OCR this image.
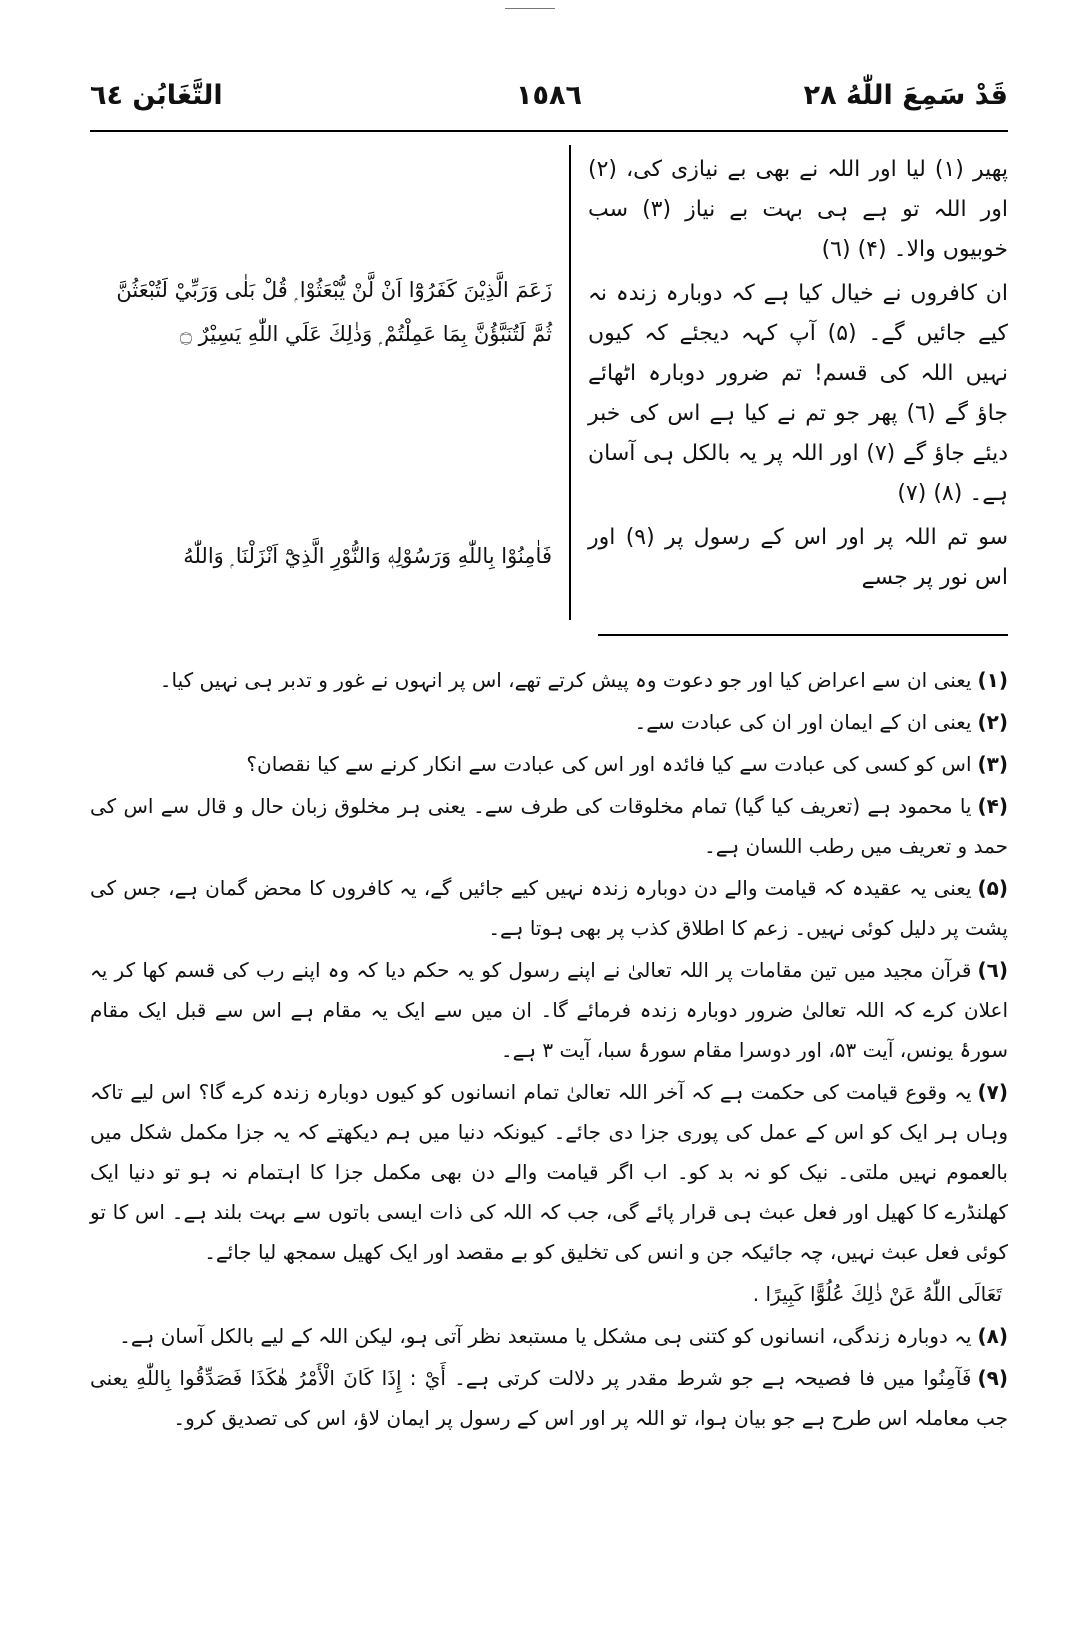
قَدْ سَمِعَ اللّٰهُ ٢٨
١٥٨٦
التَّغَابُن ٦٤

پھیر (١) لیا اور اللہ نے بھی بے نیازی کی، (٢) اور اللہ تو ہے ہی بہت بے نیاز (٣) سب خوبیوں والا۔ (۴) (٦)

ان کافروں نے خیال کیا ہے کہ دوبارہ زندہ نہ کیے جائیں گے۔ (۵) آپ کہہ دیجئے کہ کیوں نہیں اللہ کی قسم! تم ضرور دوبارہ اٹھائے جاؤ گے (٦) پھر جو تم نے کیا ہے اس کی خبر دیئے جاؤ گے (٧) اور اللہ پر یہ بالکل ہی آسان ہے۔ (٨) (٧)

سو تم اللہ پر اور اس کے رسول پر (٩) اور اس نور پر جسے

زَعَمَ الَّذِيْنَ كَفَرُوْٓا اَنْ لَّنْ يُّبْعَثُوْا ۭ قُلْ بَلٰى وَرَبِّيْ لَتُبْعَثُنَّ ثُمَّ لَتُنَبَّؤُنَّ بِمَا عَمِلْتُمْ ۭ وَذٰلِكَ عَلَي اللّٰهِ يَسِيْرٌ ۝

فَاٰمِنُوْا بِاللّٰهِ وَرَسُوْلِهٖ وَالنُّوْرِ الَّذِيْٓ اَنْزَلْنَا ۭ وَاللّٰهُ

(١)یعنی ان سے اعراض کیا اور جو دعوت وہ پیش کرتے تھے، اس پر انہوں نے غور و تدبر ہی نہیں کیا۔

(٢)یعنی ان کے ایمان اور ان کی عبادت سے۔

(٣)اس کو کسی کی عبادت سے کیا فائدہ اور اس کی عبادت سے انکار کرنے سے کیا نقصان؟

(۴)یا محمود ہے (تعریف کیا گیا) تمام مخلوقات کی طرف سے۔ یعنی ہر مخلوق زبان حال و قال سے اس کی حمد و تعریف میں رطب اللسان ہے۔

(۵)یعنی یہ عقیدہ کہ قیامت والے دن دوبارہ زندہ نہیں کیے جائیں گے، یہ کافروں کا محض گمان ہے، جس کی پشت پر دلیل کوئی نہیں۔ زعم کا اطلاق کذب پر بھی ہوتا ہے۔

(٦)قرآن مجید میں تین مقامات پر اللہ تعالیٰ نے اپنے رسول کو یہ حکم دیا کہ وہ اپنے رب کی قسم کھا کر یہ اعلان کرے کہ اللہ تعالیٰ ضرور دوبارہ زندہ فرمائے گا۔ ان میں سے ایک یہ مقام ہے اس سے قبل ایک مقام سورۂ یونس، آیت ۵۳، اور دوسرا مقام سورۂ سبا، آیت ٣ ہے۔

(٧)یہ وقوع قیامت کی حکمت ہے کہ آخر اللہ تعالیٰ تمام انسانوں کو کیوں دوبارہ زندہ کرے گا؟ اس لیے تاکہ وہاں ہر ایک کو اس کے عمل کی پوری جزا دی جائے۔ کیونکہ دنیا میں ہم دیکھتے کہ یہ جزا مکمل شکل میں بالعموم نہیں ملتی۔ نیک کو نہ بد کو۔ اب اگر قیامت والے دن بھی مکمل جزا کا اہتمام نہ ہو تو دنیا ایک کھلنڈرے کا کھیل اور فعل عبث ہی قرار پائے گی، جب کہ اللہ کی ذات ایسی باتوں سے بہت بلند ہے۔ اس کا تو کوئی فعل عبث نہیں، چہ جائیکہ جن و انس کی تخلیق کو بے مقصد اور ایک کھیل سمجھ لیا جائے۔

تَعَالَى اللّٰهُ عَنْ ذٰلِكَ عُلُوًّا كَبِيرًا .

(٨)یہ دوبارہ زندگی، انسانوں کو کتنی ہی مشکل یا مستبعد نظر آتی ہو، لیکن اللہ کے لیے بالکل آسان ہے۔

(٩)فَآمِنُوا میں فا فصیحہ ہے جو شرط مقدر پر دلالت کرتی ہے۔ أَيْ : إِذَا كَانَ الْأَمْرُ هٰكَذَا فَصَدِّقُوا بِاللّٰهِ یعنی جب معاملہ اس طرح ہے جو بیان ہوا، تو اللہ پر اور اس کے رسول پر ایمان لاؤ، اس کی تصدیق کرو۔
